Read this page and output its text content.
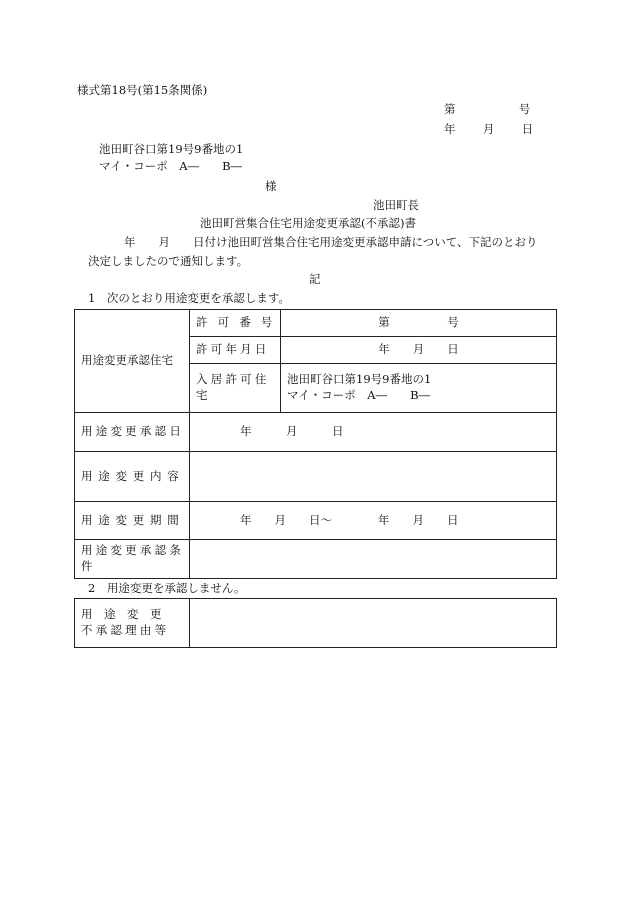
様式第18号(第15条関係)
第	号
年 月 日
池田町谷口第19号9番地の1
マイ・コーポ　A―　　B―
様
池田町長
池田町営集合住宅用途変更承認(不承認)書
年　　月　　日付け池田町営集合住宅用途変更承認申請について、下記のとおり
決定しましたので通知します。
記
1　次のとおり用途変更を承認します。
用途変更承認住宅	許 可 番 号	第　　　　　号
	許可年月日	年　　月　　日
	入居許可住宅	池田町谷口第19号9番地の1
マイ・コーポ　A―　　B―

用途変更承認日	年　　　月　　　日	
用途変更内容		
用途変更期間	年　　月　　日～　　　　年　　月　　日	
用途変更承認条件		
2　用途変更を承認しません。
用　途　変　更
不承認理由等
